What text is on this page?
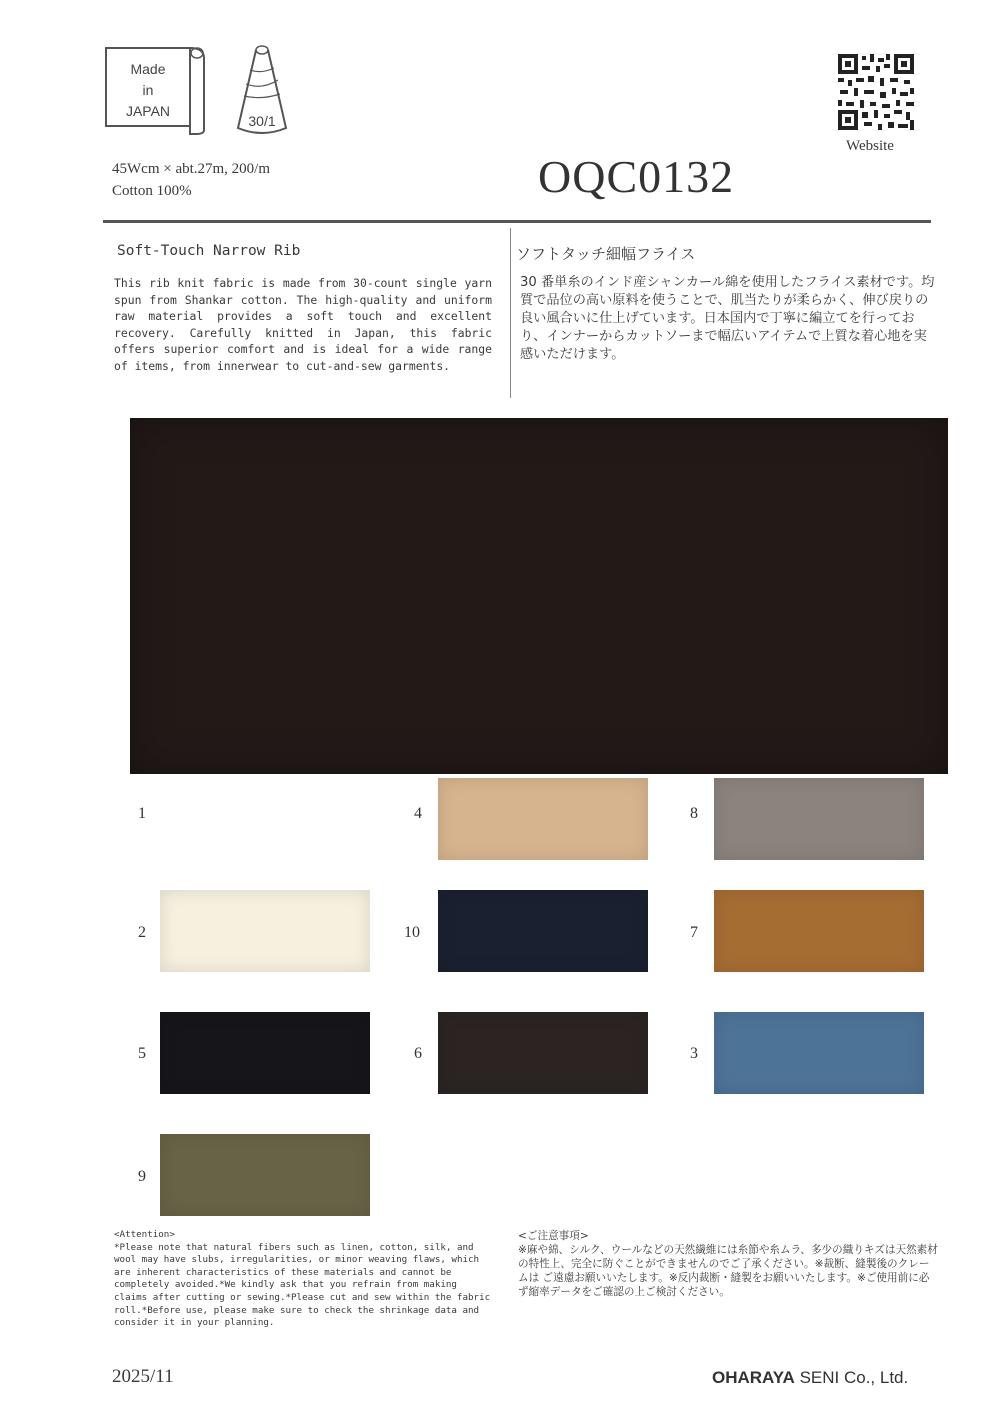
Made
in
JAPAN
30/1
Website
45Wcm × abt.27m, 200/m
Cotton 100%	OQC0132
Soft-Touch Narrow Rib	ソフトタッチ細幅フライス
This rib knit fabric is made from 30-count single yarn spun from Shankar cotton. The high-quality and uniform raw material provides a soft touch and excellent recovery. Carefully knitted in Japan, this fabric offers superior comfort and is ideal for a wide range of items, from innerwear to cut-and-sew garments.
30 番単糸のインド産シャンカール綿を使用したフライス素材です。均質で品位の高い原料を使うことで、肌当たりが柔らかく、伸び戻りの良い風合いに仕上げています。日本国内で丁寧に編立てを行っており、インナーからカットソーまで幅広いアイテムで上質な着心地を実感いただけます。
1	4	8
2	10	7
5	6	3
9
<Attention>
*Please note that natural fibers such as linen, cotton, silk, and wool may have slubs, irregularities, or minor weaving flaws, which are inherent characteristics of these materials and cannot be completely avoided.*We kindly ask that you refrain from making claims after cutting or sewing.*Please cut and sew within the fabric roll.*Before use, please make sure to check the shrinkage data and consider it in your planning.
<ご注意事項>
※麻や綿、シルク、ウールなどの天然繊維には糸節や糸ムラ、多少の織りキズは天然素材の特性上、完全に防ぐことができませんのでご了承ください。※裁断、縫製後のクレームは ご遠慮お願いいたします。※反内裁断・縫製をお願いいたします。※ご使用前に必ず縮率データをご確認の上ご検討ください。
2025/11	OHARAYA SENI Co., Ltd.
